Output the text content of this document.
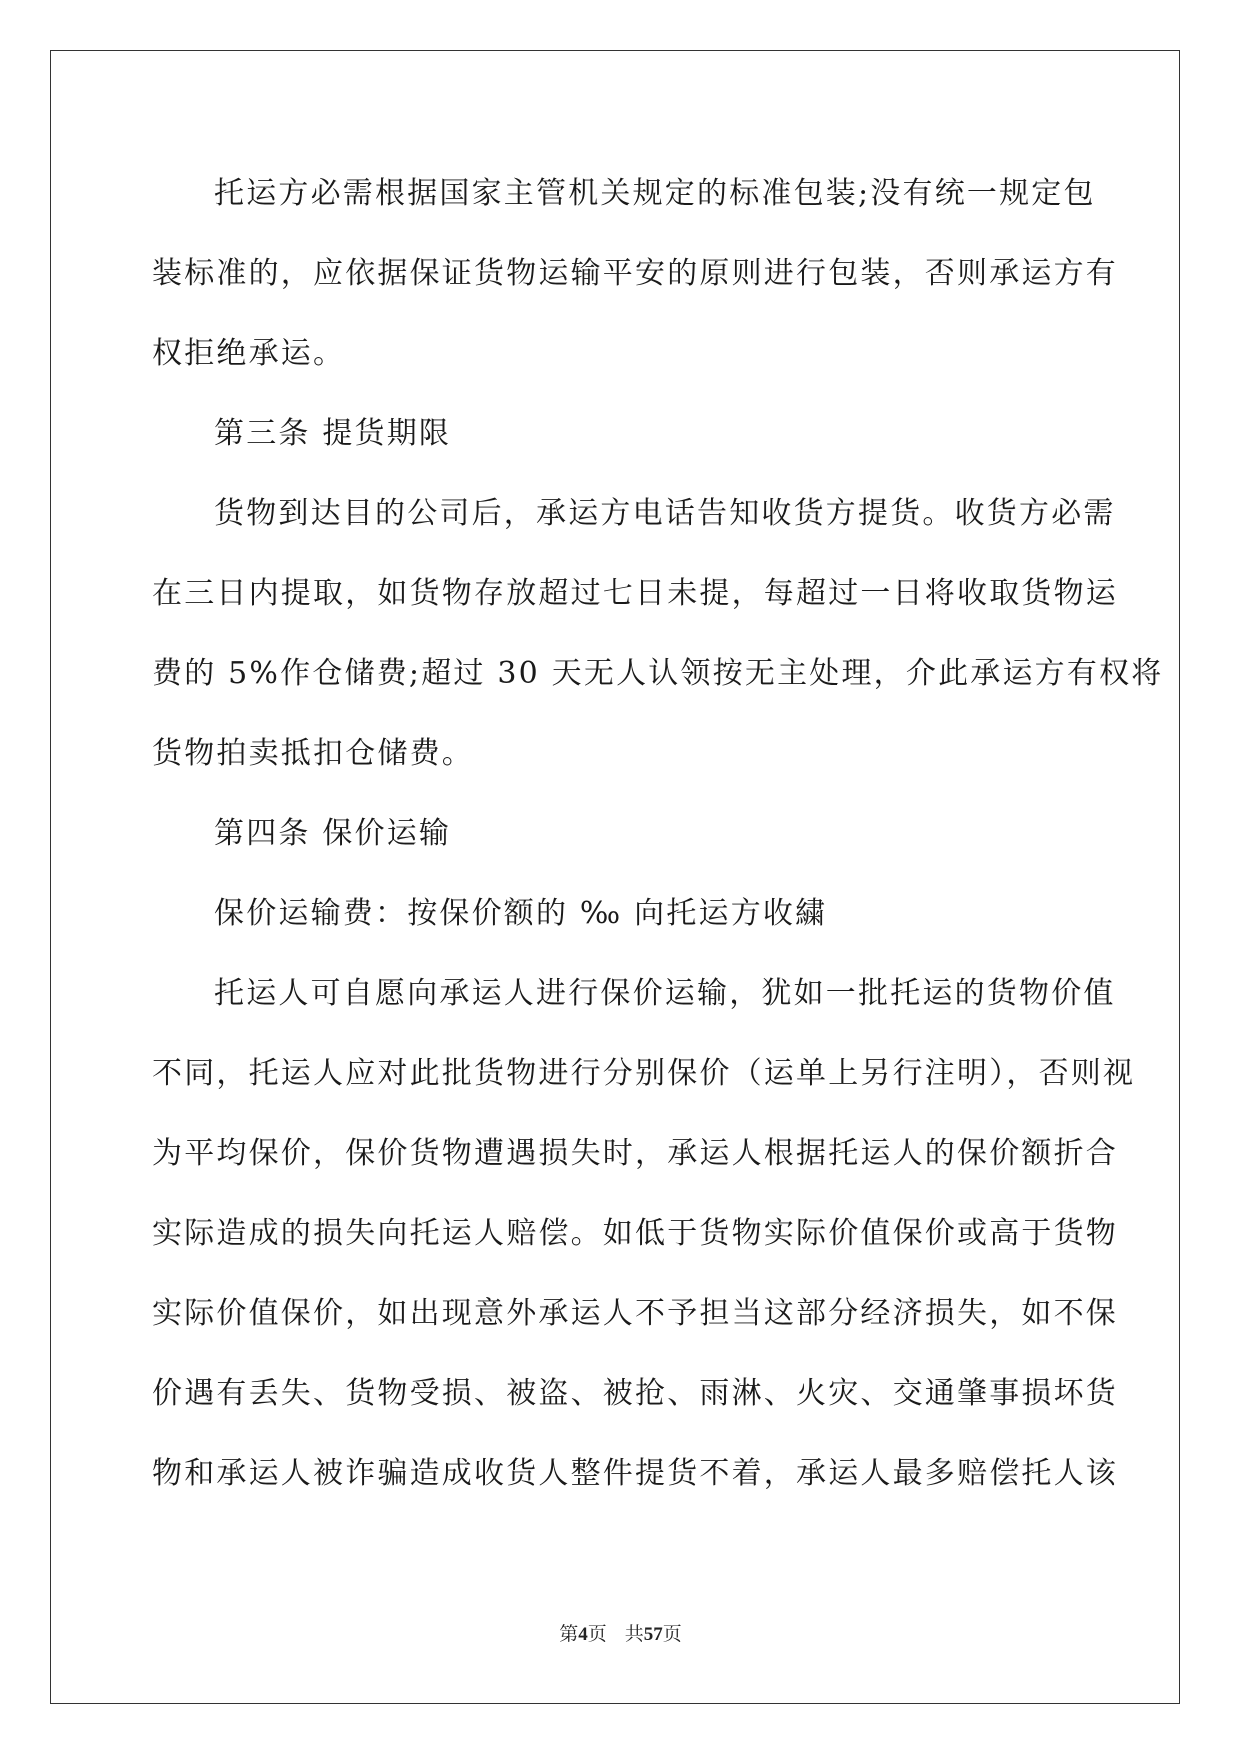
托运方必需根据国家主管机关规定的标准包装;没有统一规定包
装标准的，应依据保证货物运输平安的原则进行包装，否则承运方有
权拒绝承运。

第三条 提货期限

货物到达目的公司后，承运方电话告知收货方提货。收货方必需
在三日内提取，如货物存放超过七日未提，每超过一日将收取货物运
费的 5%作仓储费;超过 30 天无人认领按无主处理，介此承运方有权将
货物拍卖抵扣仓储费。

第四条 保价运输

保价运输费：按保价额的 ‰ 向托运方收繍

托运人可自愿向承运人进行保价运输，犹如一批托运的货物价值
不同，托运人应对此批货物进行分别保价（运单上另行注明），否则视
为平均保价，保价货物遭遇损失时，承运人根据托运人的保价额折合
实际造成的损失向托运人赔偿。如低于货物实际价值保价或高于货物
实际价值保价，如出现意外承运人不予担当这部分经济损失，如不保
价遇有丢失、货物受损、被盗、被抢、雨淋、火灾、交通肇事损坏货
物和承运人被诈骗造成收货人整件提货不着，承运人最多赔偿托人该

第4页 共57页
